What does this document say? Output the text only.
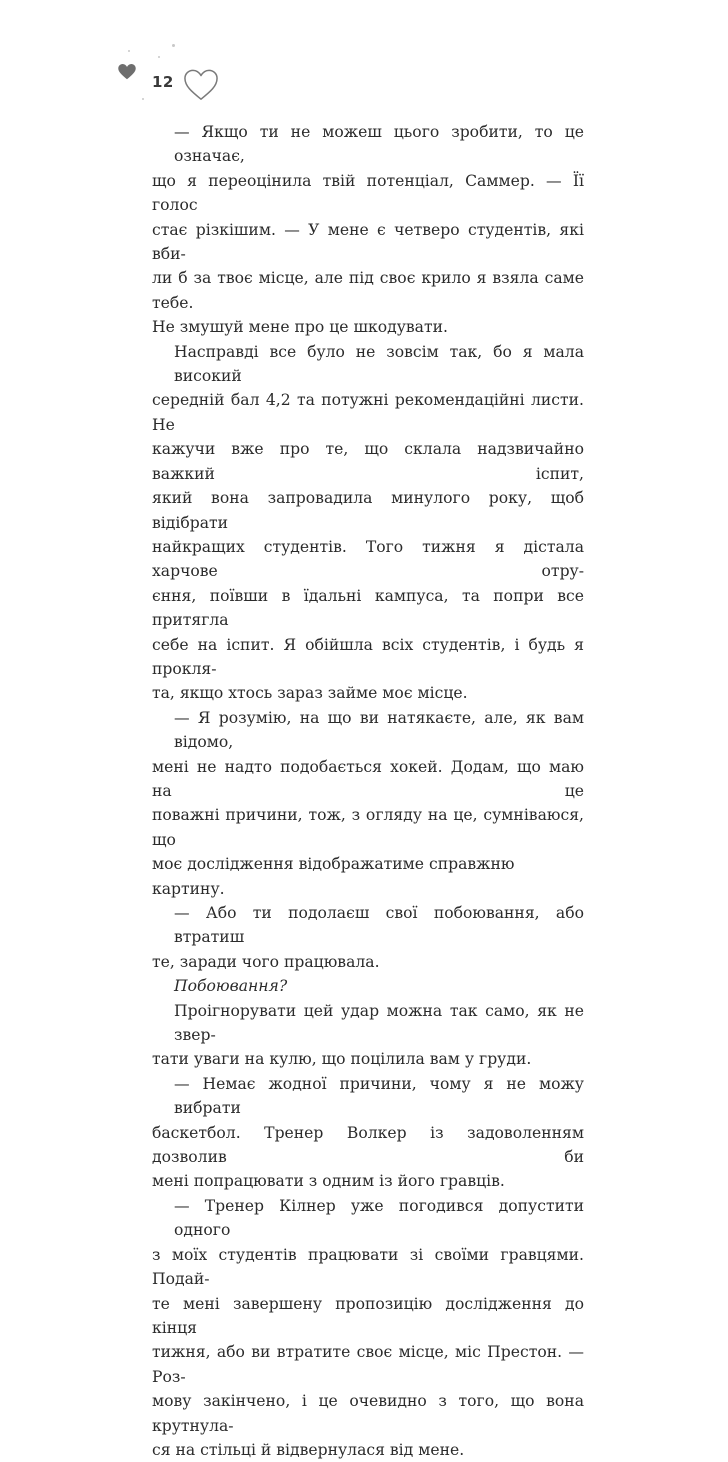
12

— Якщо ти не можеш цього зробити, то це означає,
що я переоцінила твій потенціал, Саммер. — Її голос
стає різкішим. — У мене є четверо студентів, які вби-
ли б за твоє місце, але під своє крило я взяла саме тебе.
Не змушуй мене про це шкодувати.

Насправді все було не зовсім так, бо я мала високий
середній бал 4,2 та потужні рекомендаційні листи. Не
кажучи вже про те, що склала надзвичайно важкий іспит,
який вона запровадила минулого року, щоб відібрати
найкращих студентів. Того тижня я дістала харчове отру-
єння, поївши в їдальні кампуса, та попри все притягла
себе на іспит. Я обійшла всіх студентів, і будь я прокля-
та, якщо хтось зараз займе моє місце.

— Я розумію, на що ви натякаєте, але, як вам відомо,
мені не надто подобається хокей. Додам, що маю на це
поважні причини, тож, з огляду на це, сумніваюся, що
моє дослідження відображатиме справжню картину.

— Або ти подолаєш свої побоювання, або втратиш
те, заради чого працювала.

Побоювання?

Проігнорувати цей удар можна так само, як не звер-
тати уваги на кулю, що поцілила вам у груди.

— Немає жодної причини, чому я не можу вибрати
баскетбол. Тренер Волкер із задоволенням дозволив би
мені попрацювати з одним із його гравців.

— Тренер Кілнер уже погодився допустити одного
з моїх студентів працювати зі своїми гравцями. Подай-
те мені завершену пропозицію дослідження до кінця
тижня, або ви втратите своє місце, міс Престон. — Роз-
мову закінчено, і це очевидно з того, що вона крутнула-
ся на стільці й відвернулася від мене.
